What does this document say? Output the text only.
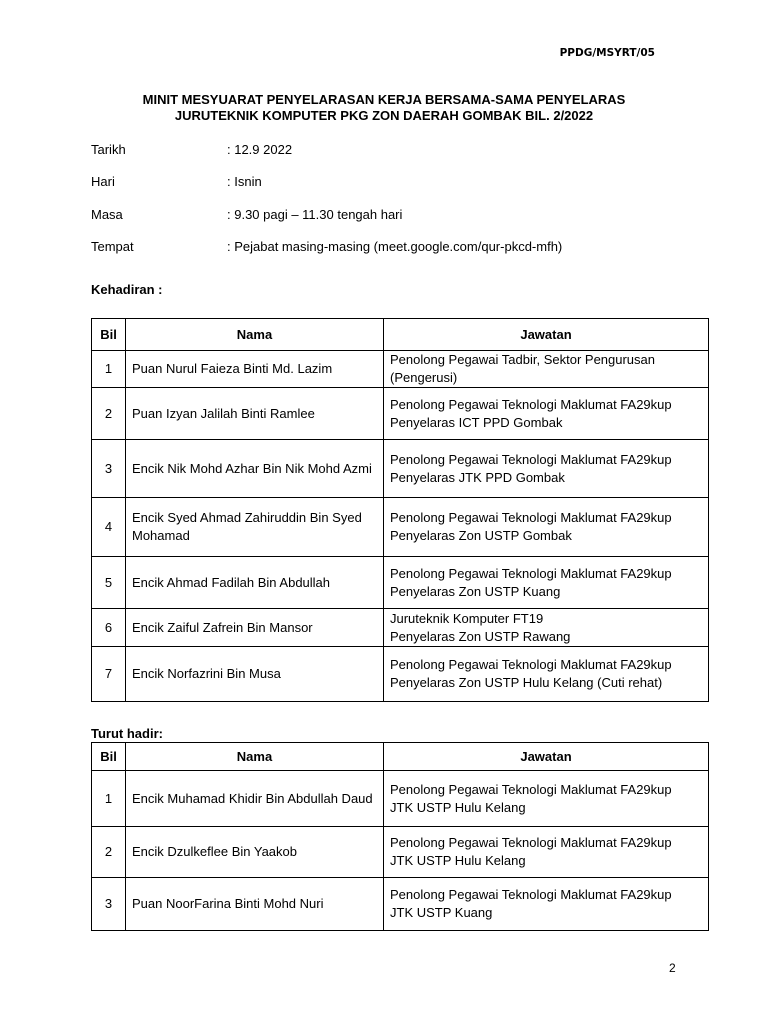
PPDG/MSYRT/05
MINIT MESYUARAT PENYELARASAN KERJA BERSAMA-SAMA PENYELARAS
JURUTEKNIK KOMPUTER PKG ZON DAERAH GOMBAK BIL. 2/2022
Tarikh	: 12.9 2022
Hari	: Isnin
Masa	: 9.30 pagi – 11.30 tengah hari
Tempat	: Pejabat masing-masing (meet.google.com/qur-pkcd-mfh)
Kehadiran :
Bil	Nama	Jawatan
1	Puan Nurul Faieza Binti Md. Lazim	Penolong Pegawai Tadbir, Sektor Pengurusan
(Pengerusi)

2	Puan Izyan Jalilah Binti Ramlee	Penolong Pegawai Teknologi Maklumat FA29kup
Penyelaras ICT PPD Gombak

3	Encik Nik Mohd Azhar Bin Nik Mohd Azmi	Penolong Pegawai Teknologi Maklumat FA29kup
Penyelaras JTK PPD Gombak

4	Encik Syed Ahmad Zahiruddin Bin Syed Mohamad	Penolong Pegawai Teknologi Maklumat FA29kup
Penyelaras Zon USTP Gombak

5	Encik Ahmad Fadilah Bin Abdullah	Penolong Pegawai Teknologi Maklumat FA29kup
Penyelaras Zon USTP Kuang

6	Encik Zaiful Zafrein Bin Mansor	Juruteknik Komputer FT19
Penyelaras Zon USTP Rawang

7	Encik Norfazrini Bin Musa	Penolong Pegawai Teknologi Maklumat FA29kup
Penyelaras Zon USTP Hulu Kelang (Cuti rehat)
Turut hadir:
Bil	Nama	Jawatan
1	Encik Muhamad Khidir Bin Abdullah Daud	Penolong Pegawai Teknologi Maklumat FA29kup
JTK USTP Hulu Kelang

2	Encik Dzulkeflee Bin Yaakob	Penolong Pegawai Teknologi Maklumat FA29kup
JTK USTP Hulu Kelang

3	Puan NoorFarina Binti Mohd Nuri	Penolong Pegawai Teknologi Maklumat FA29kup
JTK USTP Kuang
2
